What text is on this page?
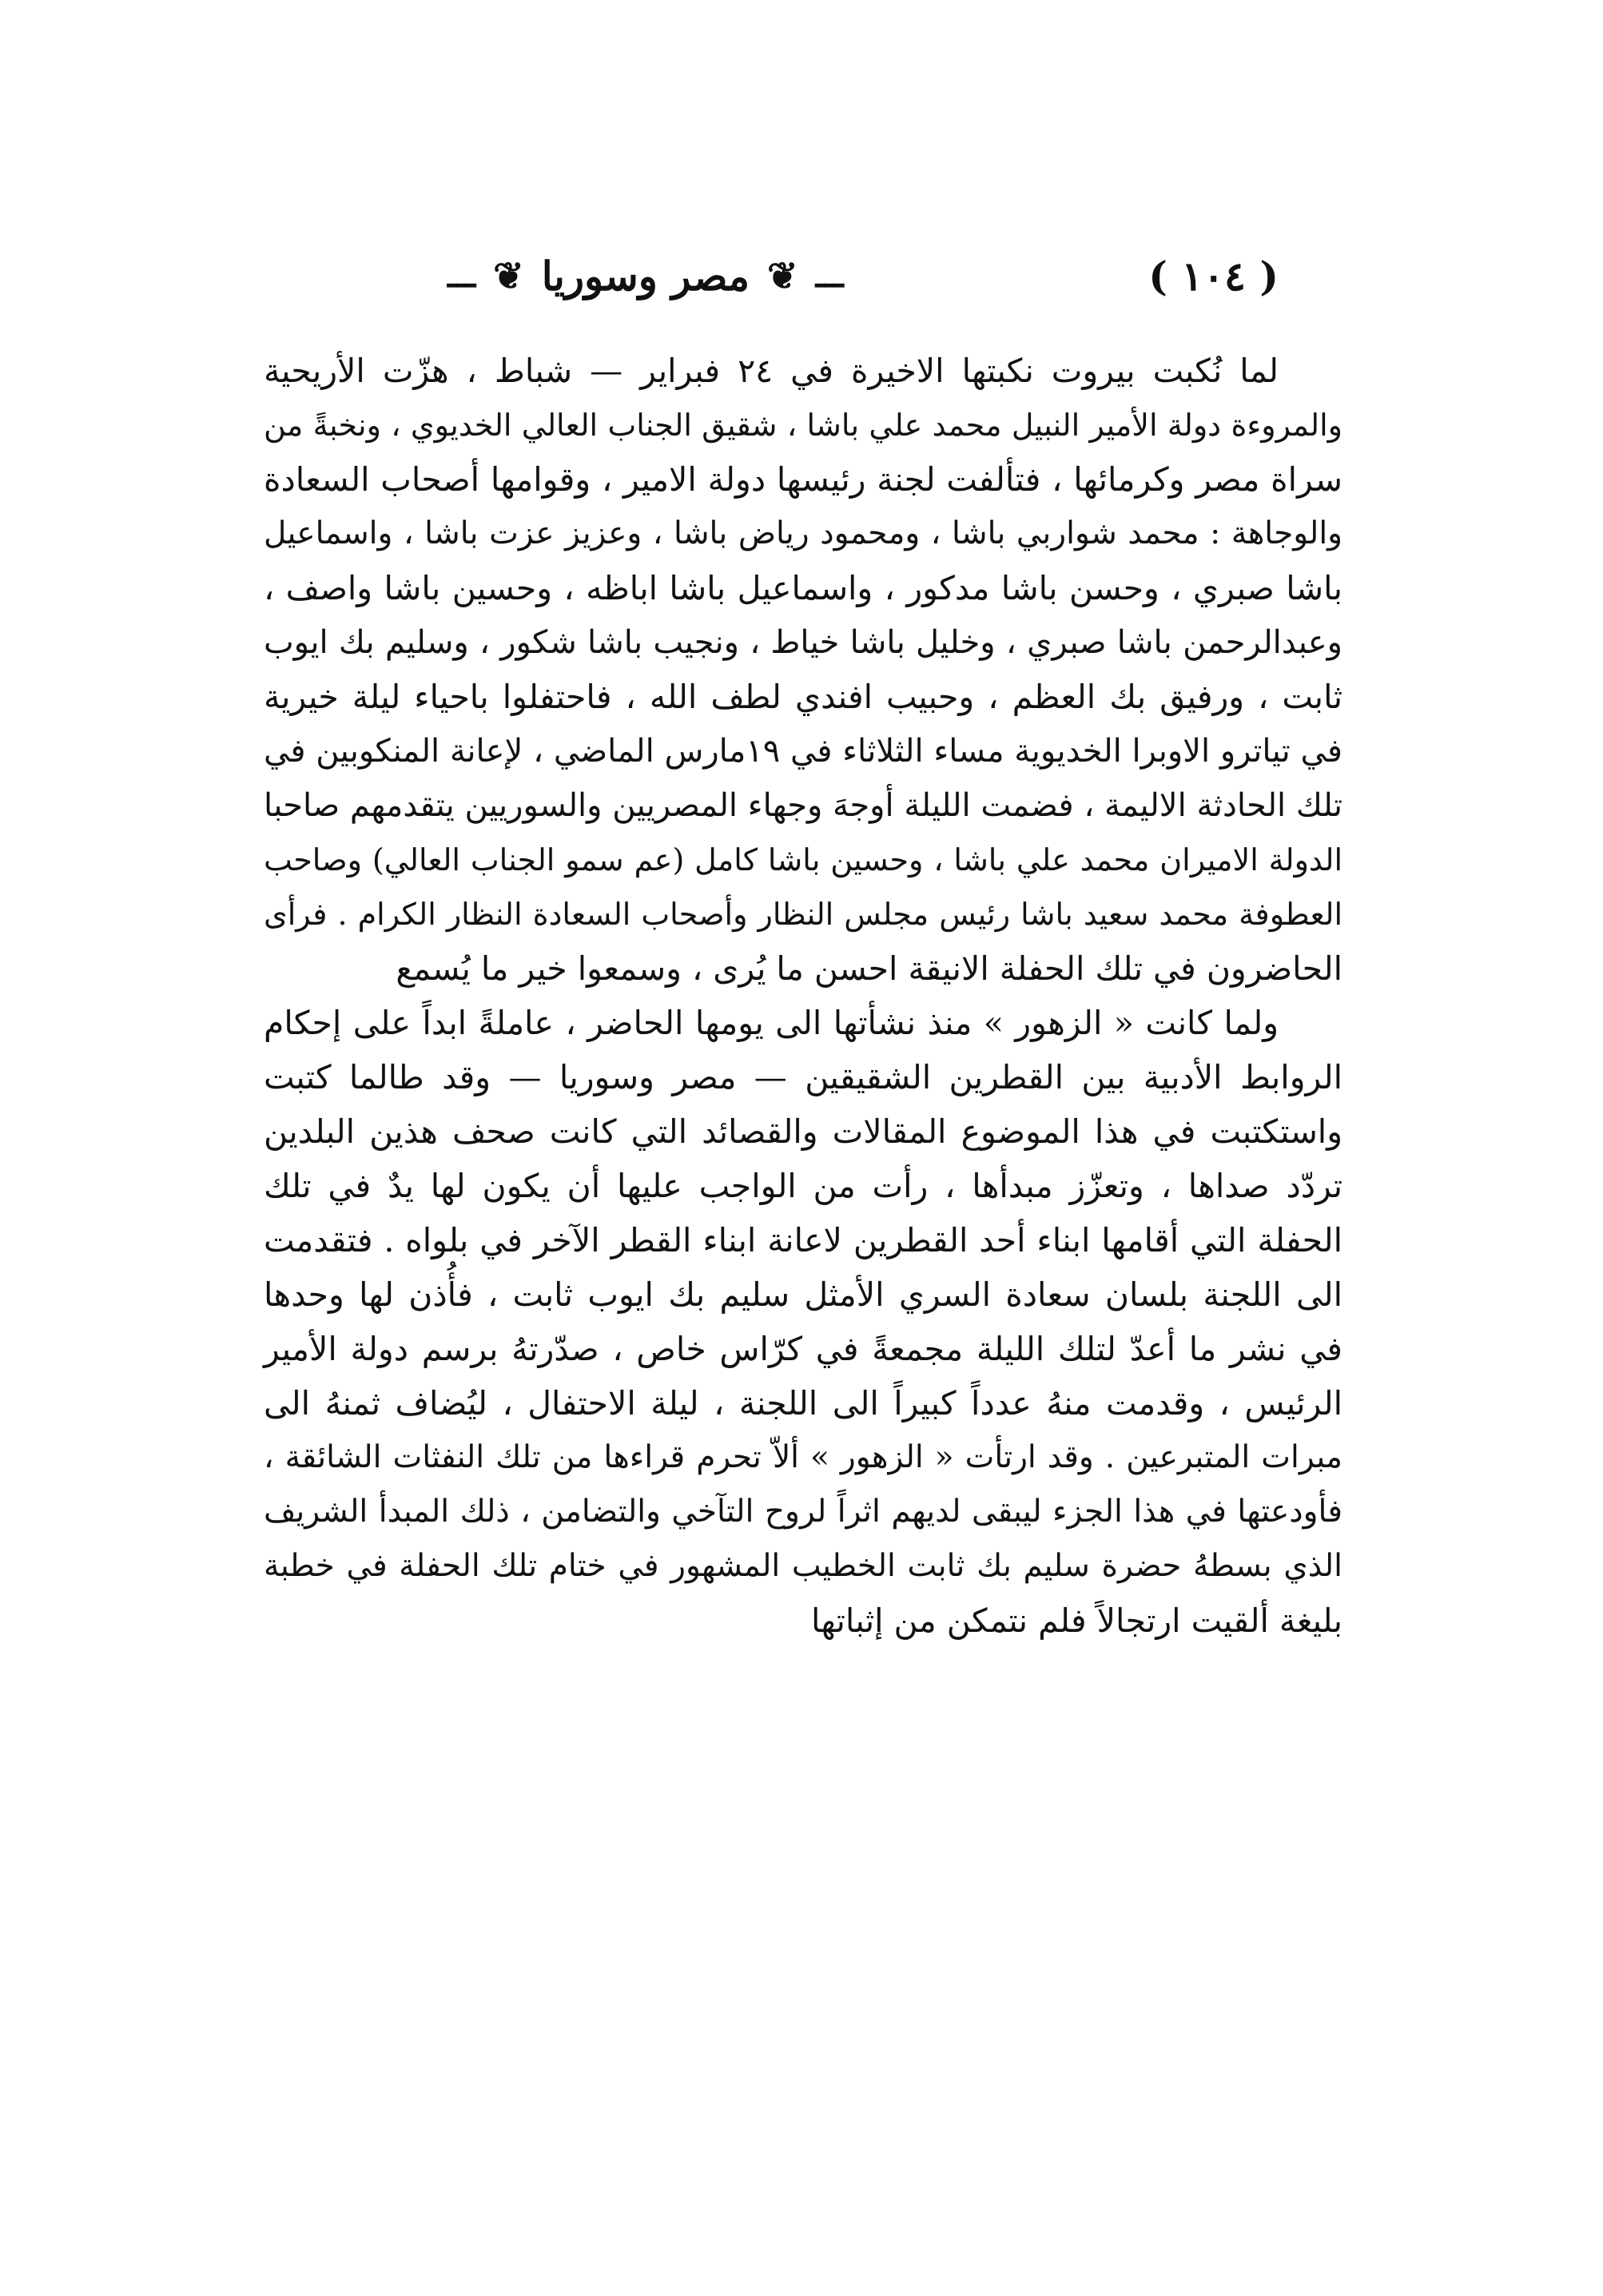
( ١٠٤ )
ـــ
❦
مصر وسوريا
❦
ـــ

لما نُكبت بيروت نكبتها الاخيرة في ٢٤ فبراير — شباط ، هزّت الأريحية
والمروءة دولة الأمير النبيل محمد علي باشا ، شقيق الجناب العالي الخديوي ، ونخبةً من
سراة مصر وكرمائها ، فتألفت لجنة رئيسها دولة الامير ، وقوامها أصحاب السعادة
والوجاهة : محمد شواربي باشا ، ومحمود رياض باشا ، وعزيز عزت باشا ، واسماعيل
باشا صبري ، وحسن باشا مدكور ، واسماعيل باشا اباظه ، وحسين باشا واصف ،
وعبدالرحمن باشا صبري ، وخليل باشا خياط ، ونجيب باشا شكور ، وسليم بك ايوب
ثابت ، ورفيق بك العظم ، وحبيب افندي لطف الله ، فاحتفلوا باحياء ليلة خيرية
في تياترو الاوبرا الخديوية مساء الثلاثاء في ١٩مارس الماضي ، لإعانة المنكوبين في
تلك الحادثة الاليمة ، فضمت الليلة أوجهَ وجهاء المصريين والسوريين يتقدمهم صاحبا
الدولة الاميران محمد علي باشا ، وحسين باشا كامل (عم سمو الجناب العالي) وصاحب
العطوفة محمد سعيد باشا رئيس مجلس النظار وأصحاب السعادة النظار الكرام . فرأى
الحاضرون في تلك الحفلة الانيقة احسن ما يُرى ، وسمعوا خير ما يُسمع

ولما كانت « الزهور » منذ نشأتها الى يومها الحاضر ، عاملةً ابداً على إحكام
الروابط الأدبية بين القطرين الشقيقين — مصر وسوريا — وقد طالما كتبت
واستكتبت في هذا الموضوع المقالات والقصائد التي كانت صحف هذين البلدين
تردّد صداها ، وتعزّز مبدأها ، رأت من الواجب عليها أن يكون لها يدٌ في تلك
الحفلة التي أقامها ابناء أحد القطرين لاعانة ابناء القطر الآخر في بلواه . فتقدمت
الى اللجنة بلسان سعادة السري الأمثل سليم بك ايوب ثابت ، فأُذن لها وحدها
في نشر ما أعدّ لتلك الليلة مجمعةً في كرّاس خاص ، صدّرتهُ برسم دولة الأمير
الرئيس ، وقدمت منهُ عدداً كبيراً الى اللجنة ، ليلة الاحتفال ، ليُضاف ثمنهُ الى
مبرات المتبرعين . وقد ارتأت « الزهور » ألاّ تحرم قراءها من تلك النفثات الشائقة ،
فأودعتها في هذا الجزء ليبقى لديهم اثراً لروح التآخي والتضامن ، ذلك المبدأ الشريف
الذي بسطهُ حضرة سليم بك ثابت الخطيب المشهور في ختام تلك الحفلة في خطبة
بليغة ألقيت ارتجالاً فلم نتمكن من إثباتها
